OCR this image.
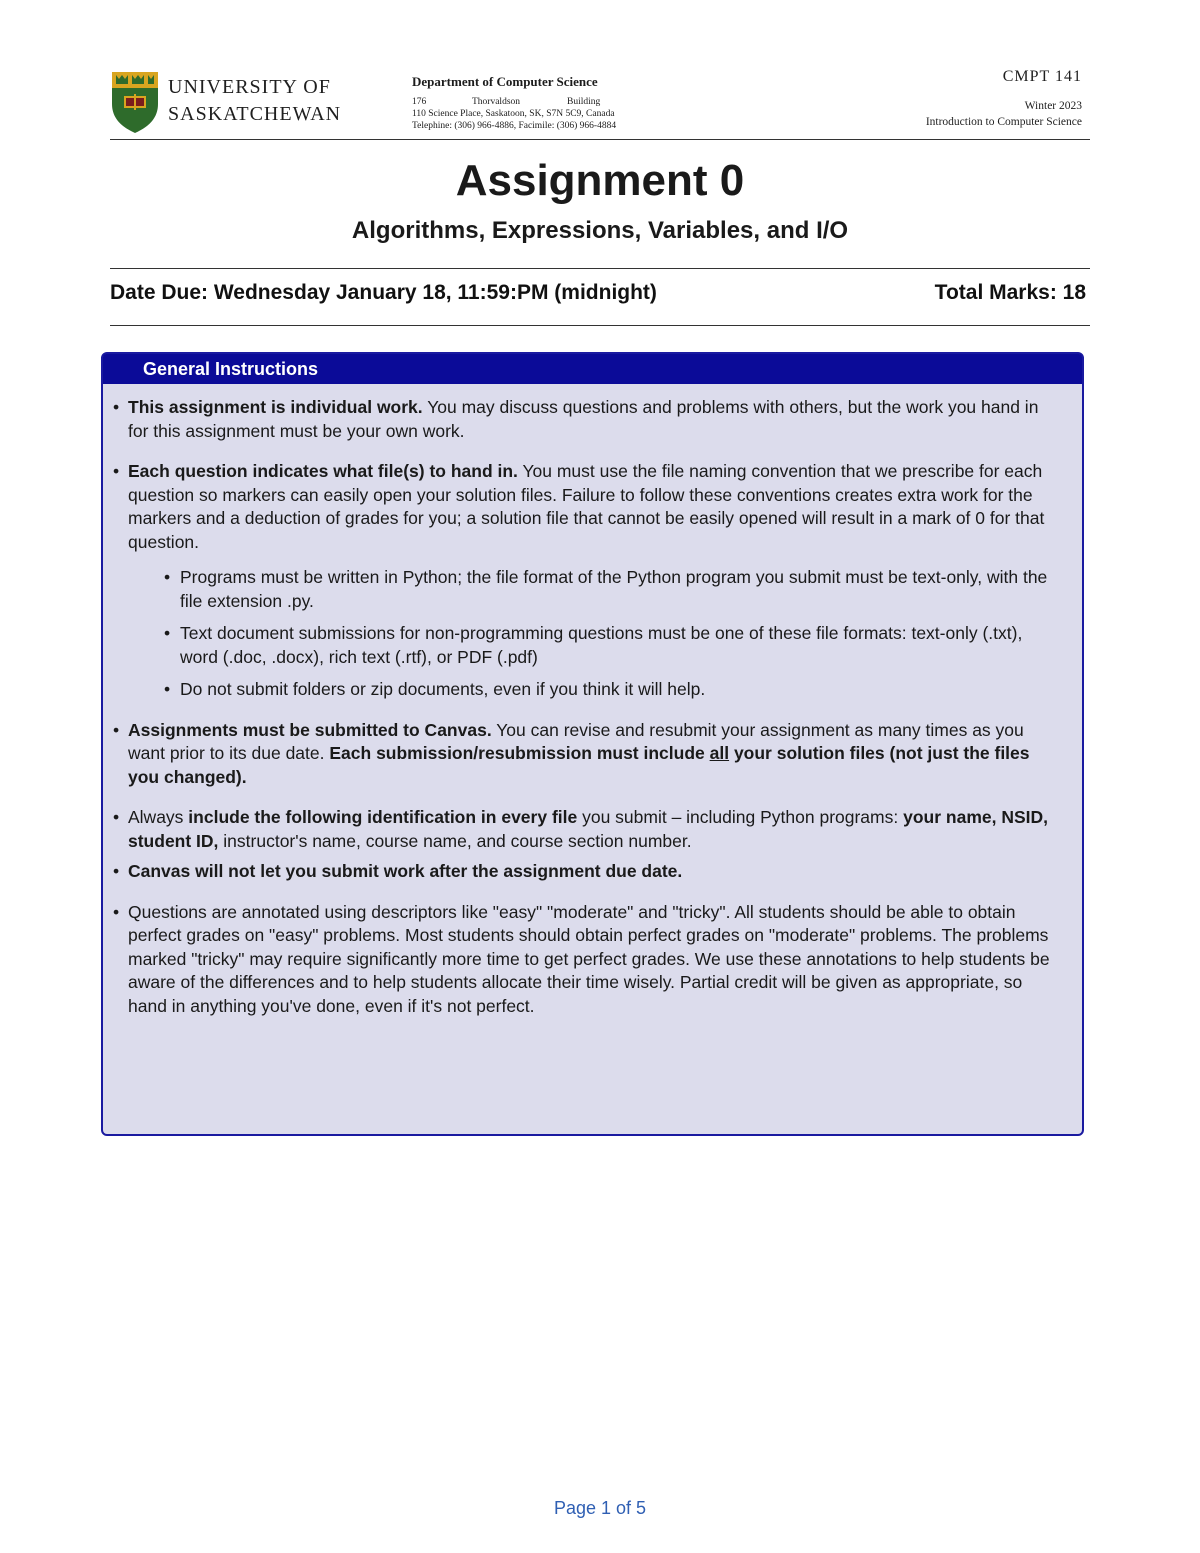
UNIVERSITY OF
SASKATCHEWAN
Department of Computer Science
176	Thorvaldson	Building
110 Science Place, Saskatoon, SK, S7N 5C9, Canada
Telephine: (306) 966-4886, Facimile: (306) 966-4884
CMPT 141
Winter 2023
Introduction to Computer Science
Assignment 0
Algorithms, Expressions, Variables, and I/O
Date Due: Wednesday January 18, 11:59:PM (midnight)	Total Marks: 18
General Instructions
• This assignment is individual work. You may discuss questions and problems with others, but the work you hand in for this assignment must be your own work.
• Each question indicates what file(s) to hand in. You must use the file naming convention that we prescribe for each question so markers can easily open your solution files. Failure to follow these conventions creates extra work for the markers and a deduction of grades for you; a solution file that cannot be easily opened will result in a mark of 0 for that question.
• Programs must be written in Python; the file format of the Python program you submit must be text-only, with the file extension .py.
• Text document submissions for non-programming questions must be one of these file formats: text-only (.txt), word (.doc, .docx), rich text (.rtf), or PDF (.pdf)
• Do not submit folders or zip documents, even if you think it will help.
• Assignments must be submitted to Canvas. You can revise and resubmit your assignment as many times as you want prior to its due date. Each submission/resubmission must include all your solution files (not just the files you changed).
• Always include the following identification in every file you submit – including Python programs: your name, NSID, student ID, instructor's name, course name, and course section number.
• Canvas will not let you submit work after the assignment due date.
• Questions are annotated using descriptors like "easy" "moderate" and "tricky". All students should be able to obtain perfect grades on "easy" problems. Most students should obtain perfect grades on "moderate" problems. The problems marked "tricky" may require significantly more time to get perfect grades. We use these annotations to help students be aware of the differences and to help students allocate their time wisely. Partial credit will be given as appropriate, so hand in anything you've done, even if it's not perfect.
Page 1 of 5
